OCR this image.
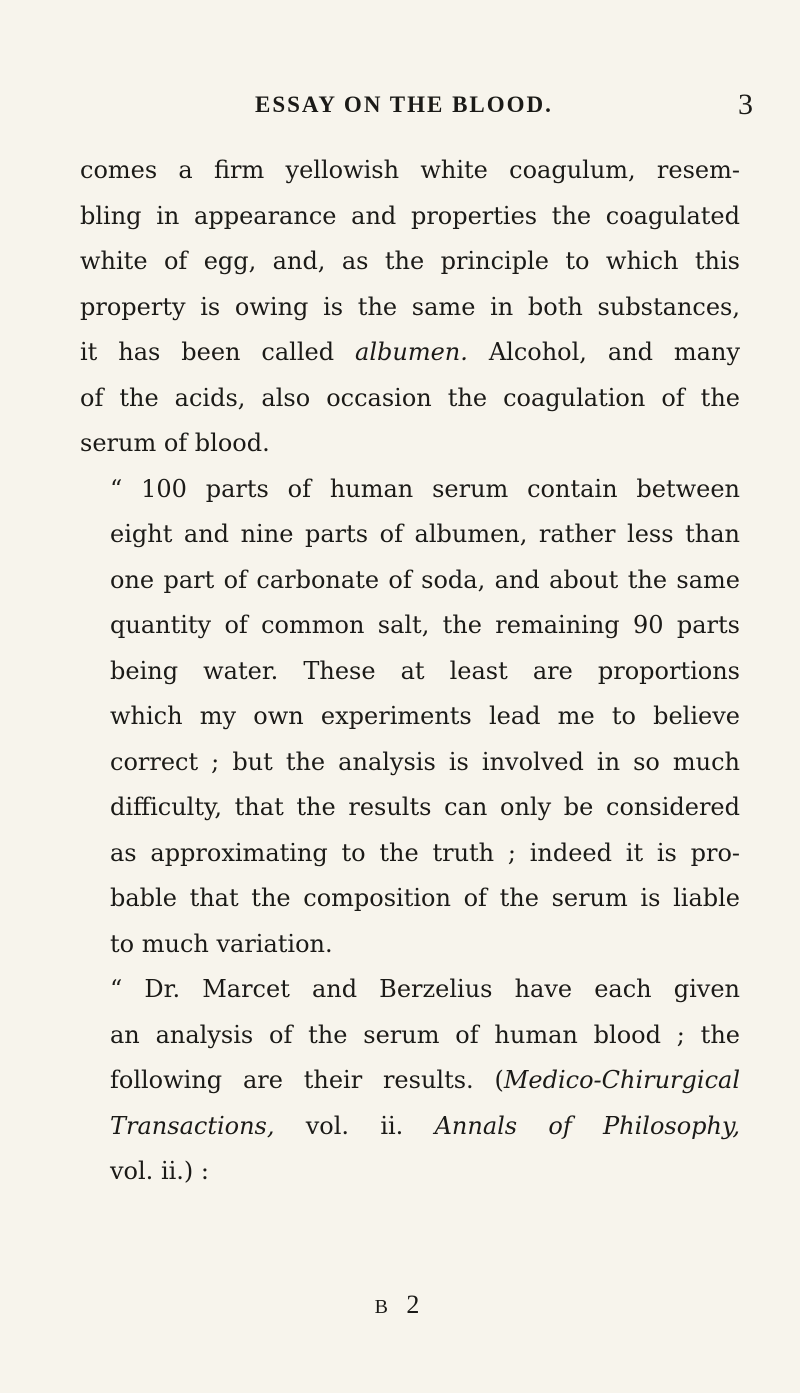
ESSAY ON THE BLOOD.	3

comes a firm yellowish white coagulum, resem-
bling in appearance and properties the coagulated
white of egg, and, as the principle to which this
property is owing is the same in both substances,
it has been called albumen. Alcohol, and many
of the acids, also occasion the coagulation of the
serum of blood.

“ 100 parts of human serum contain between
eight and nine parts of albumen, rather less than
one part of carbonate of soda, and about the same
quantity of common salt, the remaining 90 parts
being water. These at least are proportions
which my own experiments lead me to believe
correct ; but the analysis is involved in so much
difficulty, that the results can only be considered
as approximating to the truth ; indeed it is pro-
bable that the composition of the serum is liable
to much variation.

“ Dr. Marcet and Berzelius have each given
an analysis of the serum of human blood ; the
following are their results. (Medico-Chirurgical
Transactions, vol. ii. Annals of Philosophy,
vol. ii.) :

B 2
